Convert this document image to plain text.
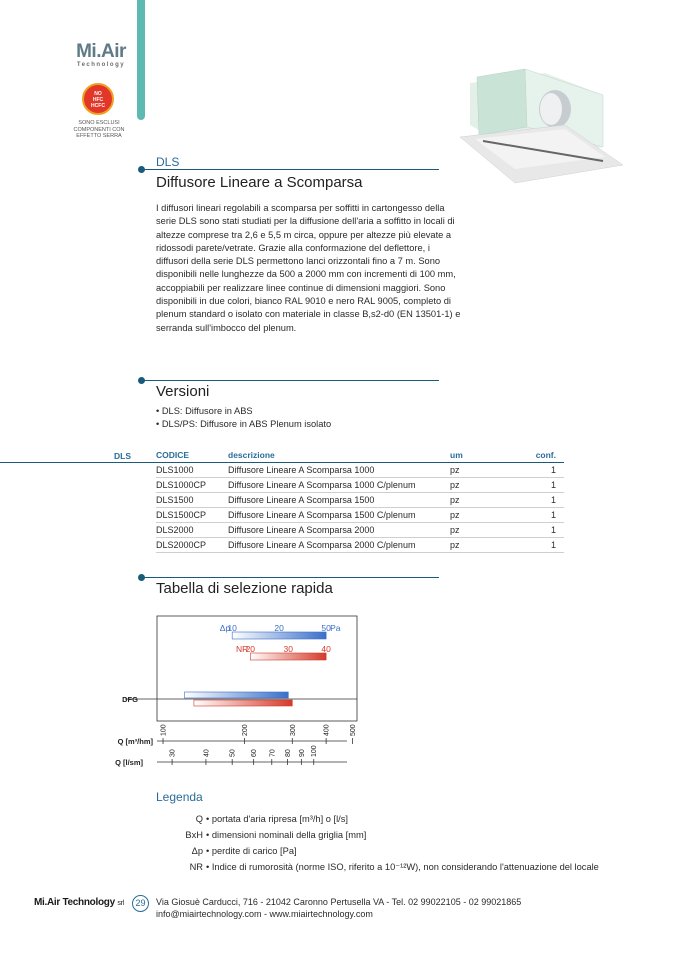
Mi.Air
Technology
NO
HFC
HCFC
SONO ESCLUSI COMPONENTI CON EFFETTO SERRA
DLS
Diffusore Lineare a Scomparsa
I diffusori lineari regolabili a scomparsa per soffitti in cartongesso della serie DLS sono stati studiati per la diffusione dell'aria a soffitto in locali di altezze comprese tra 2,6 e 5,5 m circa, oppure per altezze più elevate a ridossodi parete/vetrate. Grazie alla conformazione del deflettore, i diffusori della serie DLS permettono lanci orizzontali fino a 7 m. Sono disponibili nelle lunghezze da 500 a 2000 mm con incrementi di 100 mm, accoppiabili per realizzare linee continue di dimensioni maggiori. Sono disponibili in due colori, bianco RAL 9010 e nero RAL 9005, completo di plenum standard o isolato con materiale in classe B,s2-d0 (EN 13501-1) e serranda sull'imbocco del plenum.
Versioni
• DLS: Diffusore in ABS
• DLS/PS: Diffusore in ABS Plenum isolato
DLS	CODICE	descrizione	um	conf.
DLS1000	Diffusore Lineare A Scomparsa 1000	pz	1
DLS1000CP	Diffusore Lineare A Scomparsa 1000 C/plenum	pz	1
DLS1500	Diffusore Lineare A Scomparsa 1500	pz	1
DLS1500CP	Diffusore Lineare A Scomparsa 1500 C/plenum	pz	1
DLS2000	Diffusore Lineare A Scomparsa 2000	pz	1
DLS2000CP	Diffusore Lineare A Scomparsa 2000 C/plenum	pz	1
Tabella di selezione rapida
DFG
Δp
10	20	50 Pa
NR
20	30	40
Q [m³/hm]
Q [l/sm]
100	200	300	400	500
30	40	50 60 70 80 90 100
Legenda
Q • portata d'aria ripresa [m³/h] o [l/s]
BxH • dimensioni nominali della griglia [mm]
Δp • perdite di carico [Pa]
NR • Indice di rumorosità (norme ISO, riferito a 10⁻¹²W), non considerando l'attenuazione del locale
Mi.Air Technology srl	29	Via Giosuè Carducci, 716 - 21042 Caronno Pertusella VA - Tel. 02 99022105 - 02 99021865
info@miairtechnology.com - www.miairtechnology.com
